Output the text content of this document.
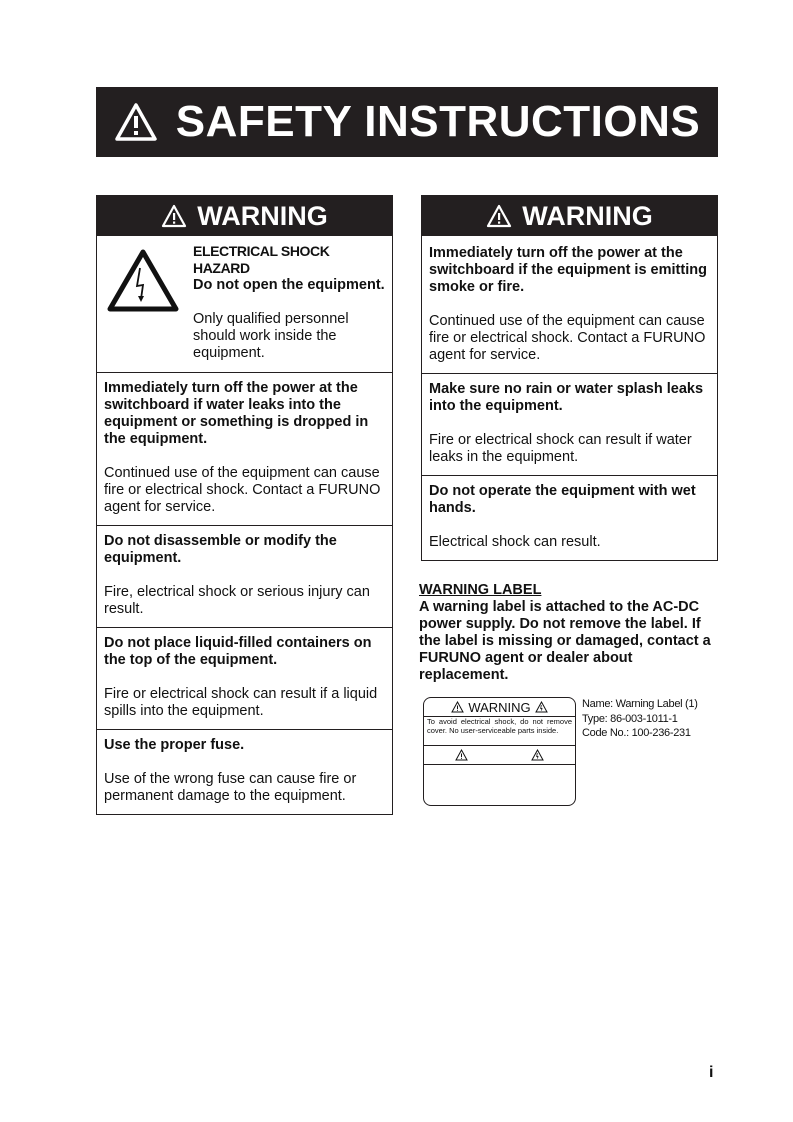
SAFETY INSTRUCTIONS
WARNING
ELECTRICAL SHOCK HAZARD
Do not open the equipment.
Only qualified personnel should work inside the equipment.
Immediately turn off the power at the switchboard if water leaks into the equipment or something is dropped in the equipment.
Continued use of the equipment can cause fire or electrical shock. Contact a FURUNO agent for service.
Do not disassemble or modify the equipment.
Fire, electrical shock or serious injury can result.
Do not place liquid-filled containers on the top of the equipment.
Fire or electrical shock can result if a liquid spills into the equipment.
Use the proper fuse.
Use of the wrong fuse can cause fire or permanent damage to the equipment.
WARNING
Immediately turn off the power at the switchboard if the equipment is emitting smoke or fire.
Continued use of the equipment can cause fire or electrical shock. Contact a FURUNO agent for service.
Make sure no rain or water splash leaks into the equipment.
Fire or electrical shock can result if water leaks in the equipment.
Do not operate the equipment with wet hands.
Electrical shock can result.
WARNING LABEL
A warning label is attached to the AC-DC power supply. Do not remove the label. If the label is missing or damaged, contact a FURUNO agent or dealer about replacement.
WARNING
To avoid electrical shock, do not remove cover. No user-serviceable parts inside.
Name: Warning Label (1)
Type: 86-003-1011-1
Code No.: 100-236-231
i
